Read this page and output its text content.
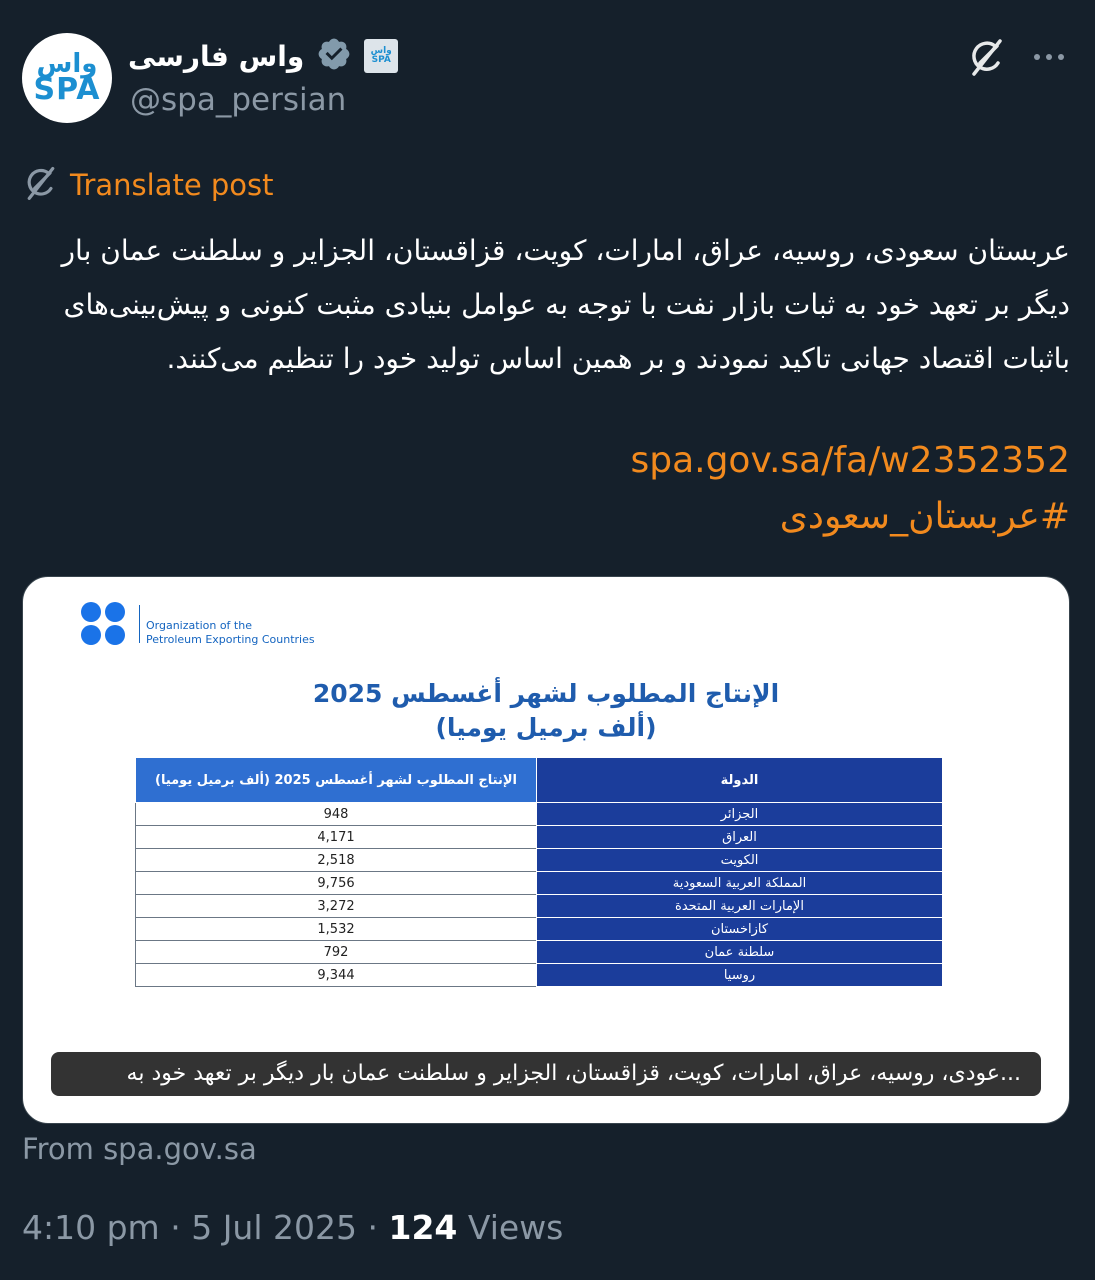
واس
SPA
واس فارسی	واس
SPA
@spa_persian
Translate post
عربستان سعودی، روسیه، عراق، امارات، کویت، قزاقستان، الجزایر و سلطنت عمان بار دیگر بر تعهد خود به ثبات بازار نفت با توجه به عوامل بنیادی مثبت کنونی و پیش‌بینی‌های باثبات اقتصاد جهانی تاکید نمودند و بر همین اساس تولید خود را تنظیم می‌کنند.
spa.gov.sa/fa/w2352352
#عربستان_سعودی
Organization of the
Petroleum Exporting Countries
الإنتاج المطلوب لشهر أغسطس 2025
(ألف برميل يوميا)
الدولة	الإنتاج المطلوب لشهر أغسطس 2025 (ألف برميل يوميا)
الجزائر	948
العراق	4,171
الكويت	2,518
المملكة العربية السعودية	9,756
الإمارات العربية المتحدة	3,272
كازاخستان	1,532
سلطنة عمان	792
روسيا	9,344
...عودی، روسیه، عراق، امارات، کویت، قزاقستان، الجزایر و سلطنت عمان بار دیگر بر تعهد خود به
From spa.gov.sa
4:10 pm · 5 Jul 2025 · 124 Views
